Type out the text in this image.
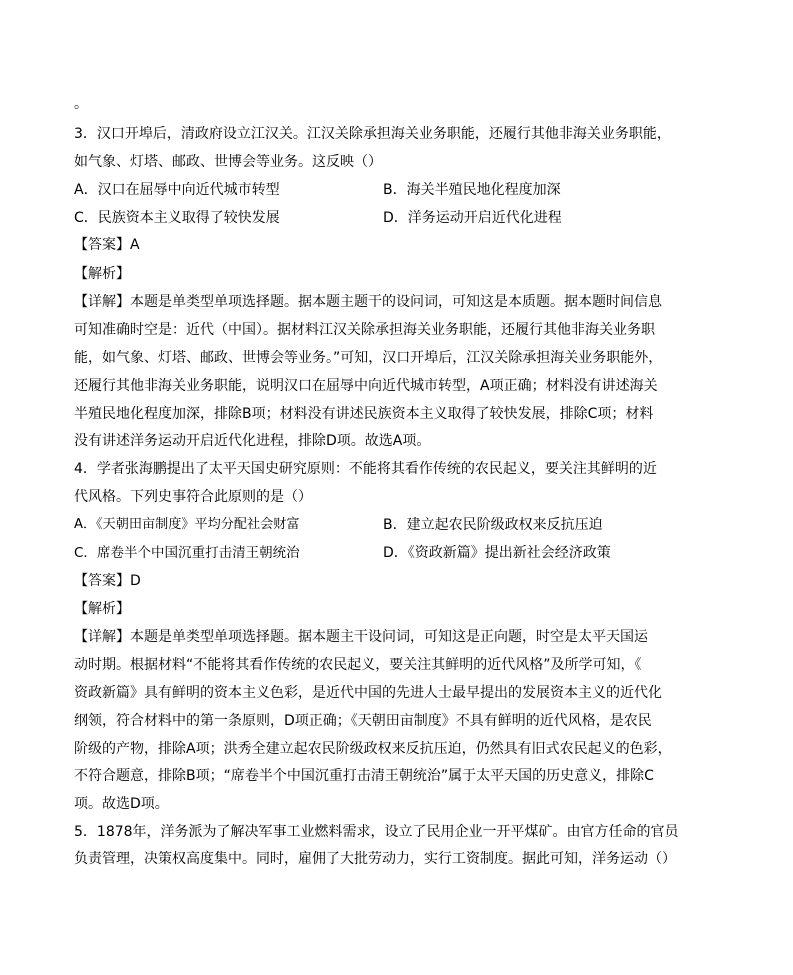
。
3．汉口开埠后，清政府设立江汉关。江汉关除承担海关业务职能，还履行其他非海关业务职能，
如气象、灯塔、邮政、世博会等业务。这反映（）
A．汉口在屈辱中向近代城市转型	B．海关半殖民地化程度加深
C．民族资本主义取得了较快发展	D．洋务运动开启近代化进程
【答案】A
【解析】
【详解】本题是单类型单项选择题。据本题主题干的设问词，可知这是本质题。据本题时间信息
可知准确时空是：近代（中国）。据材料江汉关除承担海关业务职能，还履行其他非海关业务职
能，如气象、灯塔、邮政、世博会等业务。”可知，汉口开埠后，江汉关除承担海关业务职能外，
还履行其他非海关业务职能，说明汉口在屈辱中向近代城市转型，A项正确；材料没有讲述海关
半殖民地化程度加深，排除B项；材料没有讲述民族资本主义取得了较快发展，排除C项；材料
没有讲述洋务运动开启近代化进程，排除D项。故选A项。
4．学者张海鹏提出了太平天国史研究原则：不能将其看作传统的农民起义，要关注其鲜明的近
代风格。下列史事符合此原则的是（）
A．《天朝田亩制度》平均分配社会财富	B．建立起农民阶级政权来反抗压迫
C．席卷半个中国沉重打击清王朝统治	D．《资政新篇》提出新社会经济政策
【答案】D
【解析】
【详解】本题是单类型单项选择题。据本题主干设问词，可知这是正向题，时空是太平天国运
动时期。根据材料“不能将其看作传统的农民起义，要关注其鲜明的近代风格”及所学可知，《
资政新篇》具有鲜明的资本主义色彩，是近代中国的先进人士最早提出的发展资本主义的近代化
纲领，符合材料中的第一条原则，D项正确；《天朝田亩制度》不具有鲜明的近代风格，是农民
阶级的产物，排除A项；洪秀全建立起农民阶级政权来反抗压迫，仍然具有旧式农民起义的色彩，
不符合题意，排除B项；“席卷半个中国沉重打击清王朝统治”属于太平天国的历史意义，排除C
项。故选D项。
5．1878年，洋务派为了解决军事工业燃料需求，设立了民用企业一开平煤矿。由官方任命的官员
负责管理，决策权高度集中。同时，雇佣了大批劳动力，实行工资制度。据此可知，洋务运动（）
